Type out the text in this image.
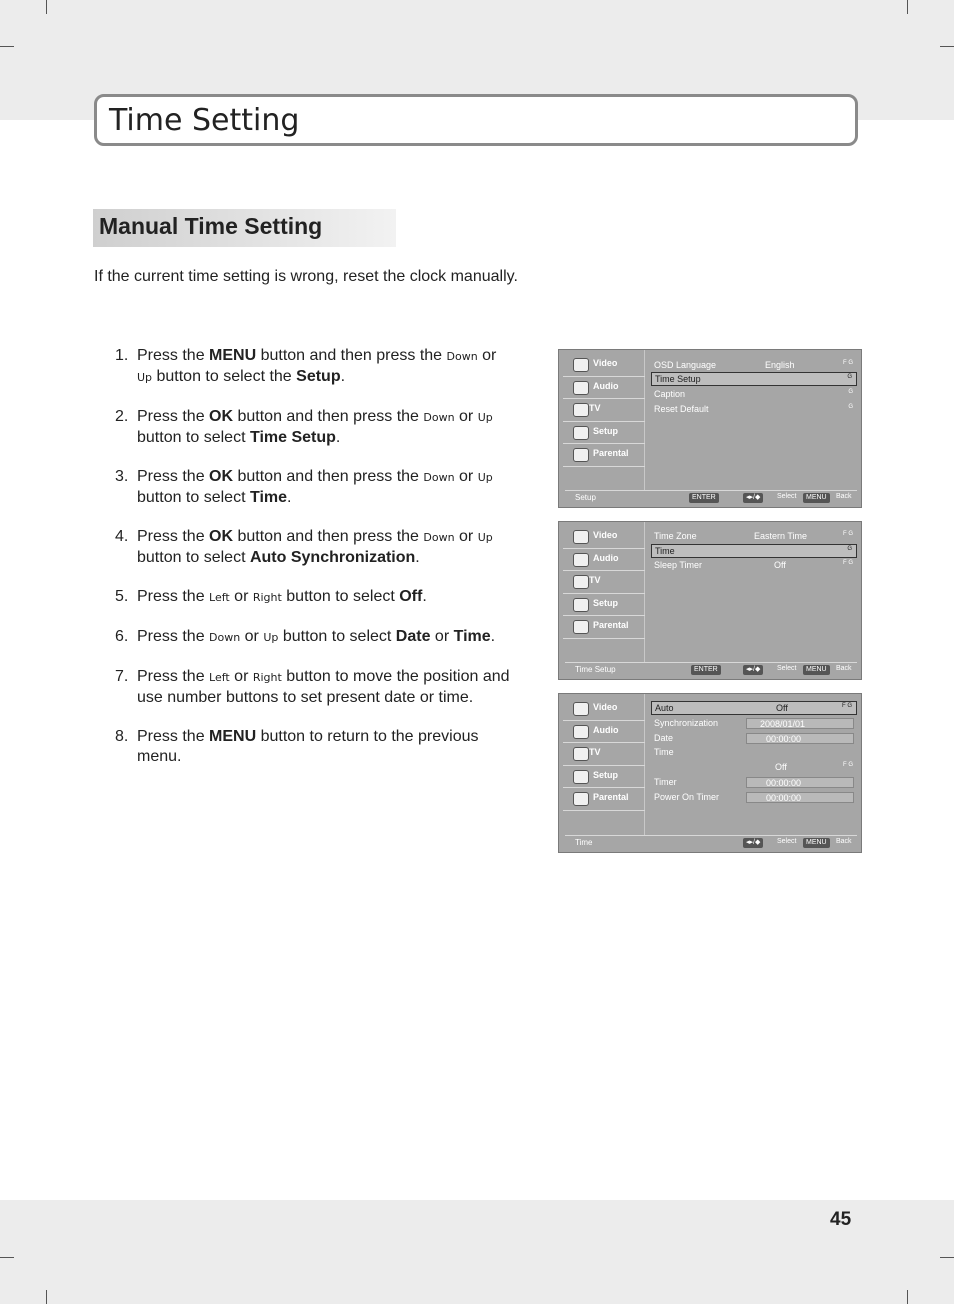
Time Setting
Manual Time Setting
If the current time setting is wrong, reset the clock manually.
1. Press the MENU button and then press the Down or Up button to select the Setup.
2. Press the OK button and then press the Down or Up button to select Time Setup.
3. Press the OK button and then press the Down or Up button to select Time.
4. Press the OK button and then press the Down or Up button to select Auto Synchronization.
5. Press the Left or Right button to select Off.
6. Press the Down or Up button to select Date or Time.
7. Press the Left or Right button to move the position and use number buttons to set present date or time.
8. Press the MENU button to return to the previous menu.
Video
Audio
TV
Setup
Parental
OSD Language	English	F G
Time Setup	G
Caption	G
Reset Default	G
Setup	ENTER	◂▸/◆	Select	MENU	Back
Video
Audio
TV
Setup
Parental
Time Zone	Eastern Time	F G
Time	G
Sleep Timer	Off	F G
Time Setup	ENTER	◂▸/◆	Select	MENU	Back
Video
Audio
TV
Setup
Parental
Auto	Off	F G
Synchronization	2008/01/01
Date	00:00:00
Time
Off	F G
Timer	00:00:00
Power On Timer	00:00:00
Time	◂▸/◆	Select	MENU	Back
45
